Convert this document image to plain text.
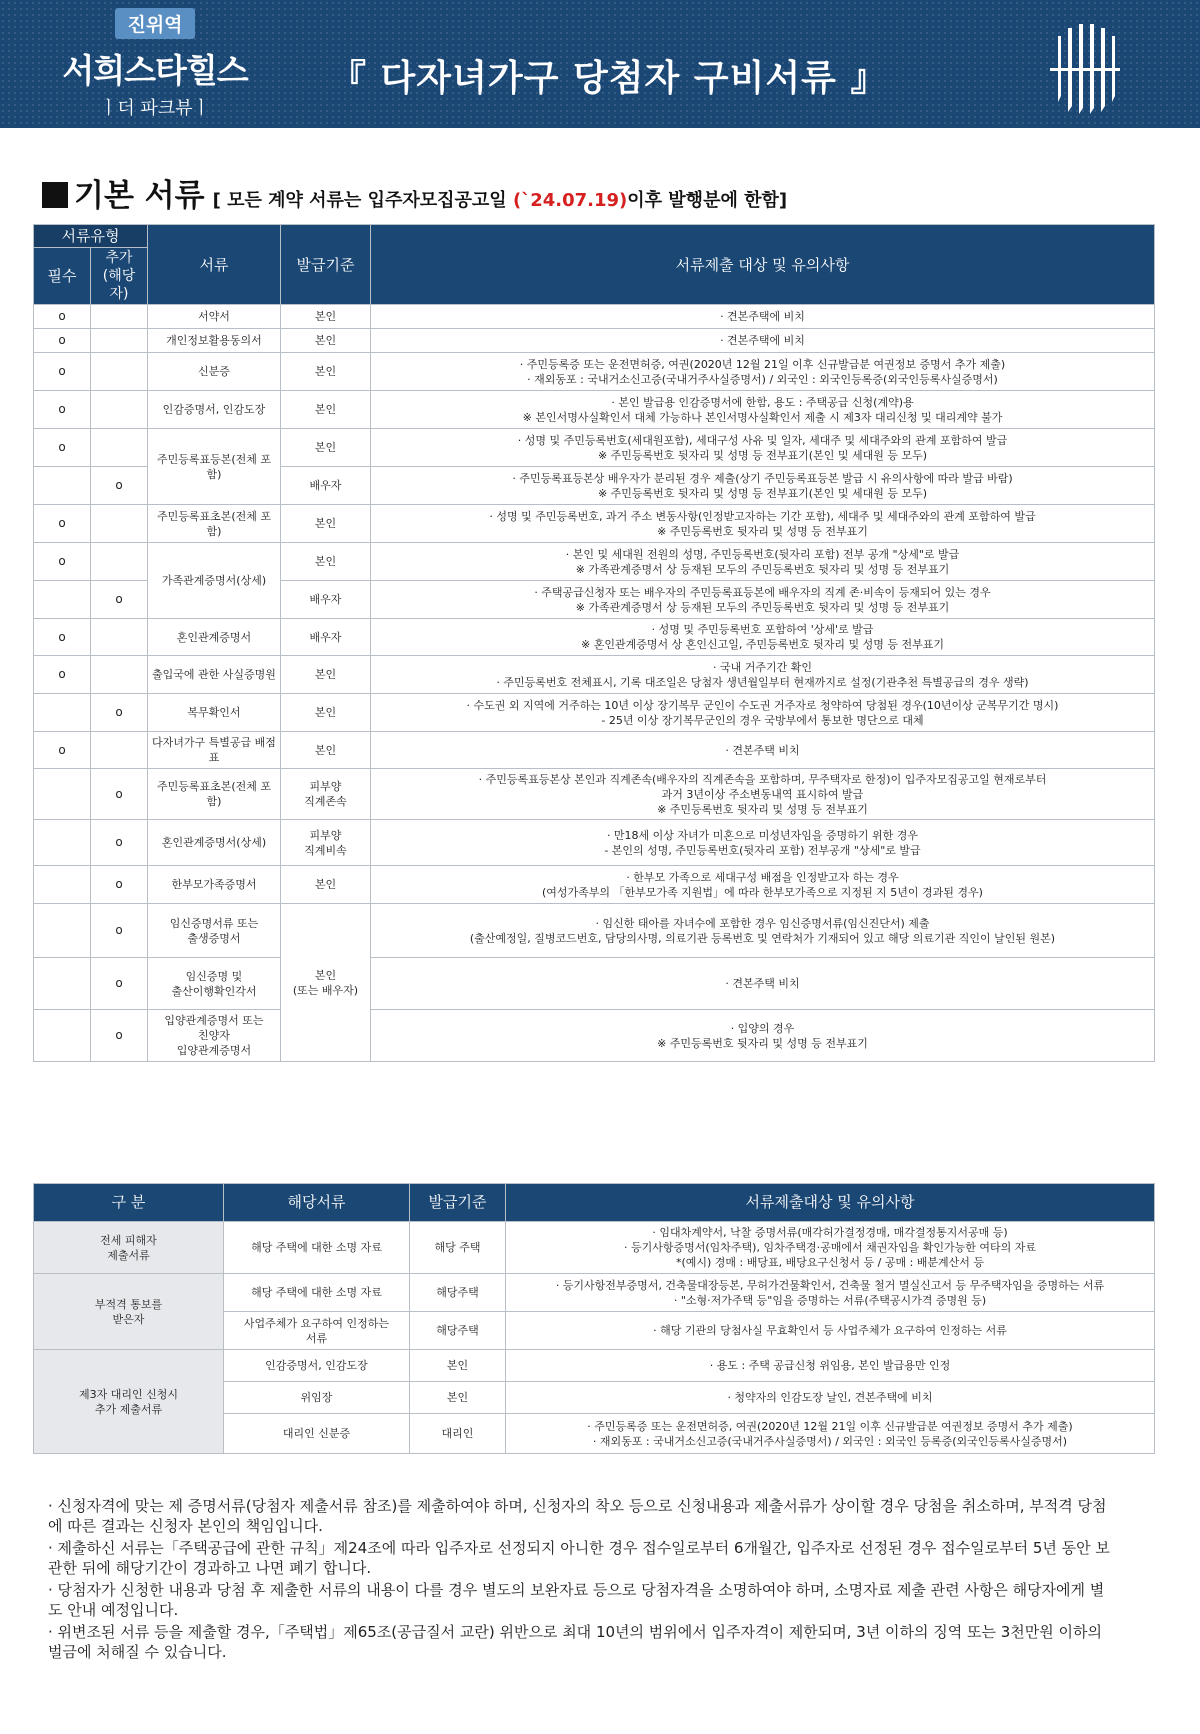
진위역
서희스타힐스
ㅣ더 파크뷰ㅣ
『 다자녀가구 당첨자 구비서류 』
기본 서류 [ 모든 계약 서류는 입주자모집공고일 (`24.07.19)이후 발행분에 한함]
서류유형		서류	발급기준	서류제출 대상 및 유의사항
필수	추가
(해당자)			
o		서약서	본인	· 견본주택에 비치
o		개인정보활용동의서	본인	· 견본주택에 비치
o		신분증	본인	· 주민등록증 또는 운전면허증, 여권(2020년 12월 21일 이후 신규발급분 여권정보 증명서 추가 제출)
· 재외동포 : 국내거소신고증(국내거주사실증명서) / 외국인 : 외국인등록증(외국인등록사실증명서)
o		인감증명서, 인감도장	본인	· 본인 발급용 인감증명서에 한함, 용도 : 주택공급 신청(계약)용
※ 본인서명사실확인서 대체 가능하나 본인서명사실확인서 제출 시 제3자 대리신청 및 대리계약 불가
o		주민등록표등본(전체 포함)	본인	· 성명 및 주민등록번호(세대원포함), 세대구성 사유 및 일자, 세대주 및 세대주와의 관계 포함하여 발급
※ 주민등록번호 뒷자리 및 성명 등 전부표기(본인 및 세대원 등 모두)
	o		배우자	· 주민등록표등본상 배우자가 분리된 경우 제출(상기 주민등록표등본 발급 시 유의사항에 따라 발급 바람)
※ 주민등록번호 뒷자리 및 성명 등 전부표기(본인 및 세대원 등 모두)
o		주민등록표초본(전체 포함)	본인	· 성명 및 주민등록번호, 과거 주소 변동사항(인정받고자하는 기간 포함), 세대주 및 세대주와의 관계 포함하여 발급
※ 주민등록번호 뒷자리 및 성명 등 전부표기
o		가족관계증명서(상세)	본인	· 본인 및 세대원 전원의 성명, 주민등록번호(뒷자리 포함) 전부 공개 "상세"로 발급
※ 가족관계증명서 상 등재된 모두의 주민등록번호 뒷자리 및 성명 등 전부표기
	o		배우자	· 주택공급신청자 또는 배우자의 주민등록표등본에 배우자의 직계 존·비속이 등재되어 있는 경우
※ 가족관계증명서 상 등재된 모두의 주민등록번호 뒷자리 및 성명 등 전부표기
o		혼인관계증명서	배우자	· 성명 및 주민등록번호 포함하여 '상세'로 발급
※ 혼인관계증명서 상 혼인신고일, 주민등록번호 뒷자리 및 성명 등 전부표기
o		출입국에 관한 사실증명원	본인	· 국내 거주기간 확인
· 주민등록번호 전체표시, 기록 대조일은 당첨자 생년월일부터 현재까지로 설정(기관추천 특별공급의 경우 생략)
	o	복무확인서	본인	· 수도권 외 지역에 거주하는 10년 이상 장기복무 군인이 수도권 거주자로 청약하여 당첨된 경우(10년이상 군복무기간 명시)
- 25년 이상 장기복무군인의 경우 국방부에서 통보한 명단으로 대체
o		다자녀가구 특별공급 배점표	본인	· 견본주택 비치
	o	주민등록표초본(전체 포함)	피부양
직계존속	· 주민등록표등본상 본인과 직계존속(배우자의 직계존속을 포함하며, 무주택자로 한정)이 입주자모집공고일 현재로부터
과거 3년이상 주소변동내역 표시하여 발급
※ 주민등록번호 뒷자리 및 성명 등 전부표기
	o	혼인관계증명서(상세)	피부양
직계비속	· 만18세 이상 자녀가 미혼으로 미성년자임을 증명하기 위한 경우
- 본인의 성명, 주민등록번호(뒷자리 포함) 전부공개 "상세"로 발급
	o	한부모가족증명서	본인	· 한부모 가족으로 세대구성 배점을 인정받고자 하는 경우
(여성가족부의 「한부모가족 지원법」에 따라 한부모가족으로 지정된 지 5년이 경과된 경우)
	o	임신증명서류 또는
출생증명서	본인
(또는 배우자)	· 임신한 태아를 자녀수에 포함한 경우 임신증명서류(임신진단서) 제출
(출산예정일, 질병코드번호, 담당의사명, 의료기관 등록번호 및 연락처가 기재되어 있고 해당 의료기관 직인이 날인된 원본)
	o	임신증명 및
출산이행확인각서		· 견본주택 비치
	o	입양관계증명서 또는
친양자
입양관계증명서		· 입양의 경우
※ 주민등록번호 뒷자리 및 성명 등 전부표기
구 분	해당서류	발급기준	서류제출대상 및 유의사항
전세 피해자
제출서류	해당 주택에 대한 소명 자료	해당 주택	· 임대차계약서, 낙찰 증명서류(매각허가결정경매, 매각결정통지서공매 등)
· 등기사항증명서(임차주택), 임차주택경·공매에서 채권자임을 확인가능한 여타의 자료
*(예시) 경매 : 배당표, 배당요구신청서 등 / 공매 : 배분계산서 등
부적격 통보를
받은자	해당 주택에 대한 소명 자료	해당주택	· 등기사항전부증명서, 건축물대장등본, 무허가건물확인서, 건축물 철거 멸실신고서 등 무주택자임을 증명하는 서류
· "소형·저가주택 등"임을 증명하는 서류(주택공시가격 증명원 등)
	사업주체가 요구하여 인정하는
서류	해당주택	· 해당 기관의 당첨사실 무효확인서 등 사업주체가 요구하여 인정하는 서류
제3자 대리인 신청시
추가 제출서류	인감증명서, 인감도장	본인	· 용도 : 주택 공급신청 위임용, 본인 발급용만 인정
	위임장	본인	· 청약자의 인감도장 날인, 견본주택에 비치
	대리인 신분증	대리인	· 주민등록증 또는 운전면허증, 여권(2020년 12월 21일 이후 신규발급분 여권정보 증명서 추가 제출)
· 재외동포 : 국내거소신고증(국내거주사실증명서) / 외국인 : 외국인 등록증(외국인등록사실증명서)

· 신청자격에 맞는 제 증명서류(당첨자 제출서류 참조)를 제출하여야 하며, 신청자의 착오 등으로 신청내용과 제출서류가 상이할 경우 당첨을 취소하며, 부적격 당첨에 따른 결과는 신청자 본인의 책임입니다.

· 제출하신 서류는「주택공급에 관한 규칙」제24조에 따라 입주자로 선정되지 아니한 경우 접수일로부터 6개월간, 입주자로 선정된 경우 접수일로부터 5년 동안 보관한 뒤에 해당기간이 경과하고 나면 폐기 합니다.

· 당첨자가 신청한 내용과 당첨 후 제출한 서류의 내용이 다를 경우 별도의 보완자료 등으로 당첨자격을 소명하여야 하며, 소명자료 제출 관련 사항은 해당자에게 별도 안내 예정입니다.

· 위변조된 서류 등을 제출할 경우,「주택법」제65조(공급질서 교란) 위반으로 최대 10년의 범위에서 입주자격이 제한되며, 3년 이하의 징역 또는 3천만원 이하의 벌금에 처해질 수 있습니다.
